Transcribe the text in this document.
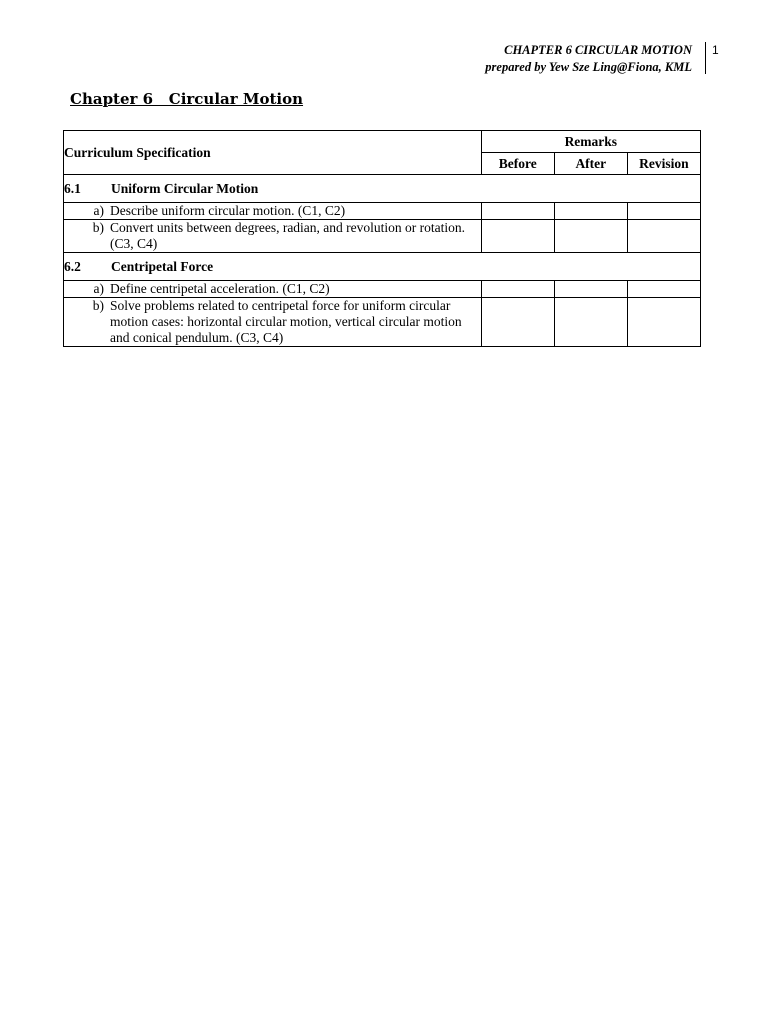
CHAPTER 6 CIRCULAR MOTION
prepared by Yew Sze Ling@Fiona, KML
1
Chapter 6   Circular Motion
Curriculum Specification	Remarks		
	Before	After	Revision
6.1 Uniform Circular Motion			

a) Describe uniform circular motion. (C1, C2)			

b) Convert units between degrees, radian, and revolution or rotation. (C3, C4)			

6.2 Centripetal Force			

a) Define centripetal acceleration. (C1, C2)			

b) Solve problems related to centripetal force for uniform circular motion cases: horizontal circular motion, vertical circular motion and conical pendulum. (C3, C4)			
